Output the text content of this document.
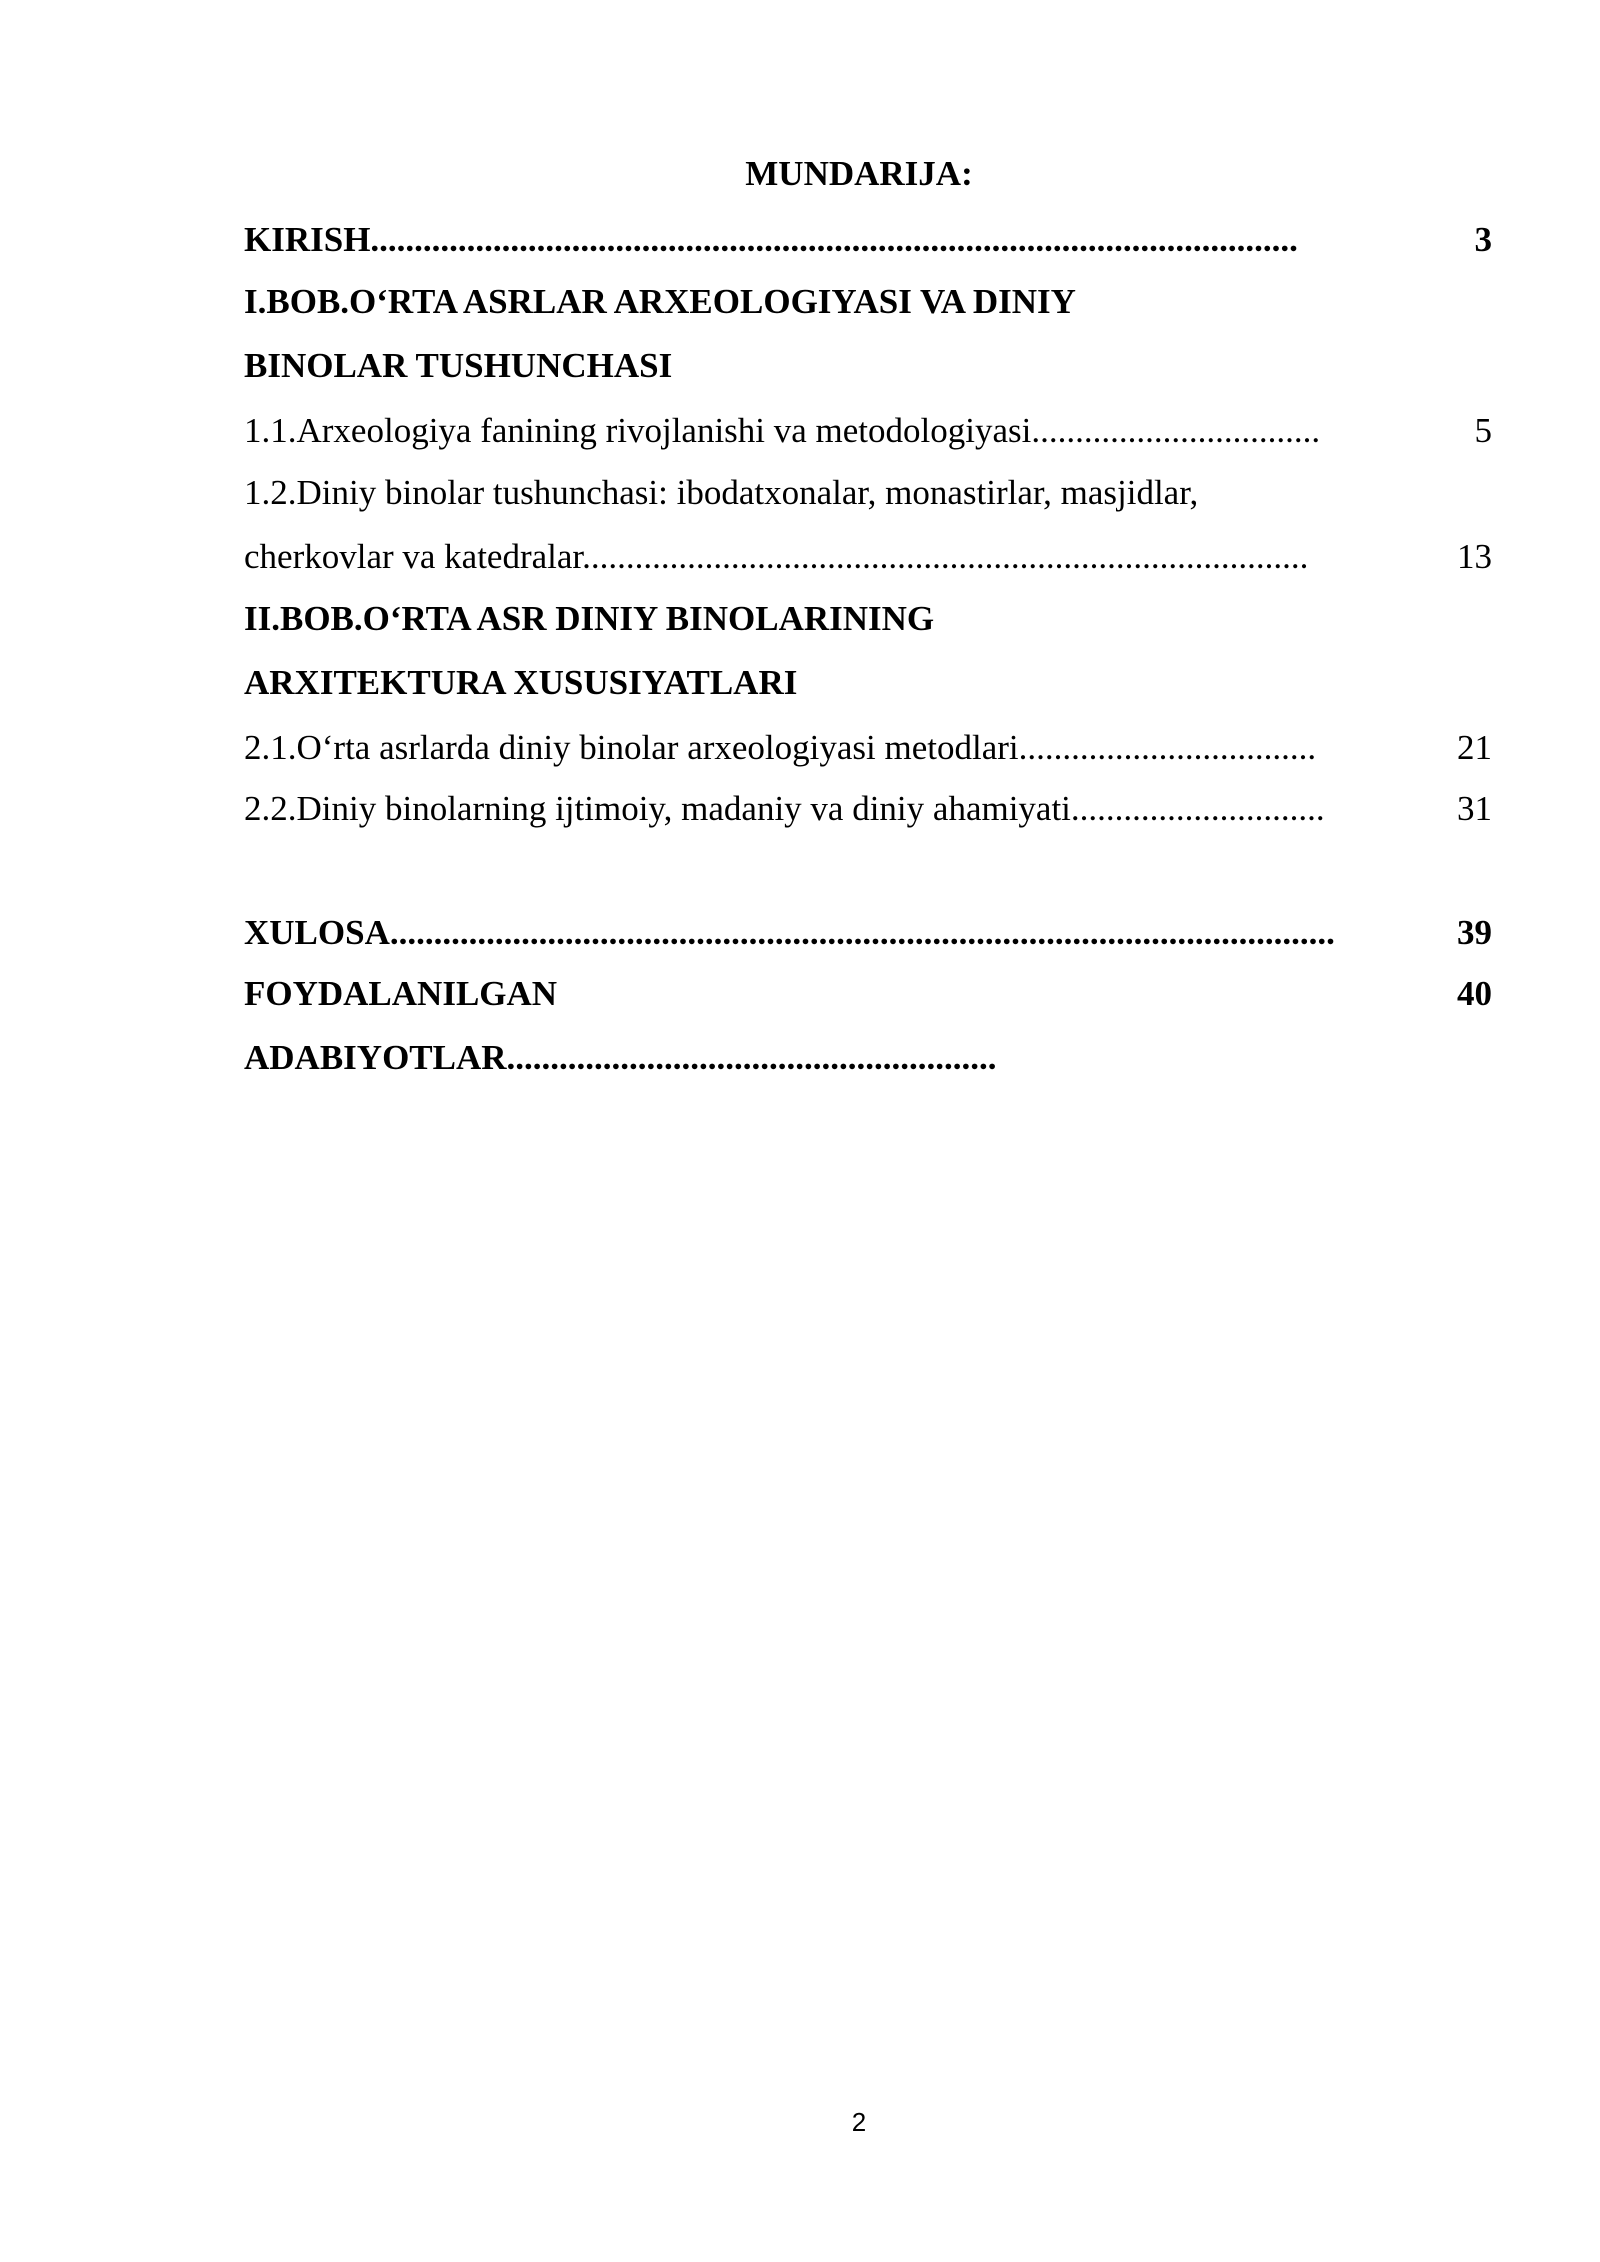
MUNDARIJA:
KIRISH..........................................................................................................	3
I.BOB.O‘RTA ASRLAR ARXEOLOGIYASI VA DINIY
BINOLAR TUSHUNCHASI
1.1.Arxeologiya fanining rivojlanishi va metodologiyasi.................................	5
1.2.Diniy binolar tushunchasi: ibodatxonalar, monastirlar, masjidlar,
cherkovlar va katedralar...................................................................................	13
II.BOB.O‘RTA ASR DINIY BINOLARINING
ARXITEKTURA XUSUSIYATLARI
2.1.O‘rta asrlarda diniy binolar arxeologiyasi metodlari..................................	21
2.2.Diniy binolarning ijtimoiy, madaniy va diniy ahamiyati.............................	31
XULOSA............................................................................................................	39
FOYDALANILGAN	40
ADABIYOTLAR........................................................
2
